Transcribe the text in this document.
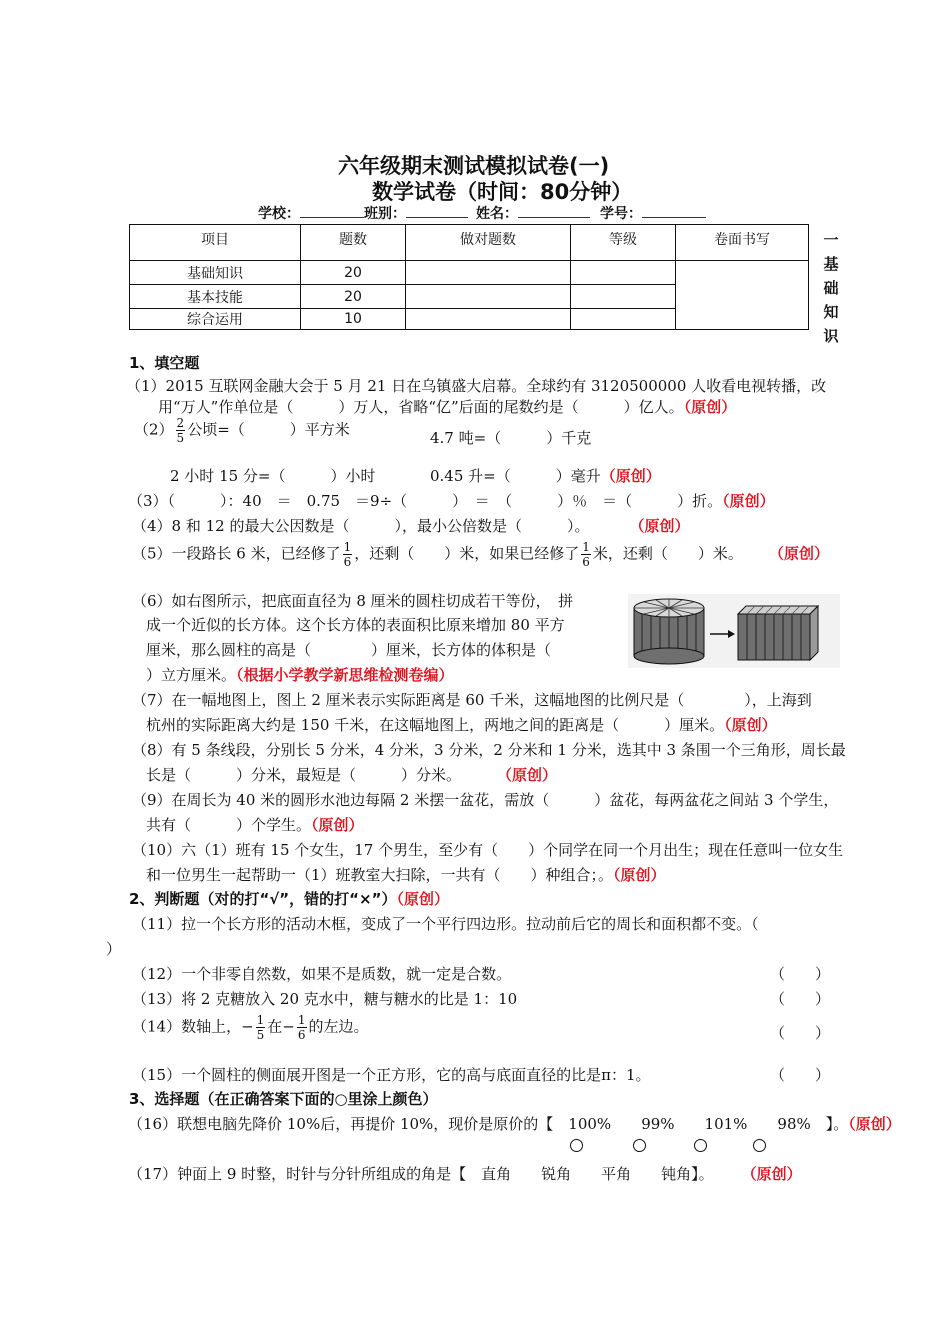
六年级期末测试模拟试卷(一)
数学试卷（时间：80分钟）
学校：	班别：	姓名：	学号：
项目	题数	做对题数	等级	卷面书写
基础知识	20			
基本技能	20			
综合运用	10			
一
基
础
知
识
1、填空题
（1）2015 互联网金融大会于 5 月 21 日在乌镇盛大启幕。全球约有 3120500000 人收看电视转播，改
用“万人”作单位是（　　　）万人，省略“亿”后面的尾数约是（　　　）亿人。（原创）
$(2) \frac{2}{5}$ 公顷=（　　　）平方米	4.7 吨=（　　　）千克
2 小时 15 分=（　　　）小时	0.45 升=（　　　）毫升（原创）
（3）（　　　）：40　＝　0.75　＝9÷（　　　）　＝　（　　　）％　＝（　　　）折。（原创）
（4）8 和 12 的最大公因数是（　　　），最小公倍数是（　　　）。	（原创）
（5）一段路长 6 米，已经修了 $\frac{1}{6}$ ，还剩（　　）米，如果已经修了 $\frac{1}{6}$ 米，还剩（　　）米。 （原创）
（6）如右图所示，把底面直径为 8 厘米的圆柱切成若干等份，　拼
成一个近似的长方体。这个长方体的表面积比原来增加 80 平方
厘米，那么圆柱的高是（　　　　）厘米，长方体的体积是（
）立方厘米。（根据小学教学新思维检测卷编）
（7）在一幅地图上，图上 2 厘米表示实际距离是 60 千米，这幅地图的比例尺是（　　　　），上海到
杭州的实际距离大约是 150 千米，在这幅地图上，两地之间的距离是（　　　）厘米。（原创）
（8）有 5 条线段，分别长 5 分米，4 分米，3 分米，2 分米和 1 分米，选其中 3 条围一个三角形，周长最
长是（　　　）分米，最短是（　　　）分米。 （原创）
（9）在周长为 40 米的圆形水池边每隔 2 米摆一盆花，需放（　　　）盆花，每两盆花之间站 3 个学生，
共有（　　　）个学生。（原创）
（10）六（1）班有 15 个女生，17 个男生，至少有（　　）个同学在同一个月出生；现在任意叫一位女生
和一位男生一起帮助一（1）班教室大扫除，一共有（　　）种组合；。（原创）
2、判断题（对的打“√”，错的打“×”）（原创）
（11）拉一个长方形的活动木框，变成了一个平行四边形。拉动前后它的周长和面积都不变。（
）
（12）一个非零自然数，如果不是质数，就一定是合数。	（　　）
（13）将 2 克糖放入 20 克水中，糖与糖水的比是 1：10	（　　）
（14）数轴上，− $\frac{1}{5}$ 在− $\frac{1}{6}$ 的左边。	（　　）
（15）一个圆柱的侧面展开图是一个正方形，它的高与底面直径的比是π：1。	（　　）
3、选择题（在正确答案下面的○里涂上颜色）
（16）联想电脑先降价 10%后，再提价 10%，现价是原价的【　100%　　99%　　101%　　98%　】。（原创）

（17）钟面上 9 时整，时针与分针所组成的角是【　直角　　锐角　　平角　　钝角】。 （原创）
